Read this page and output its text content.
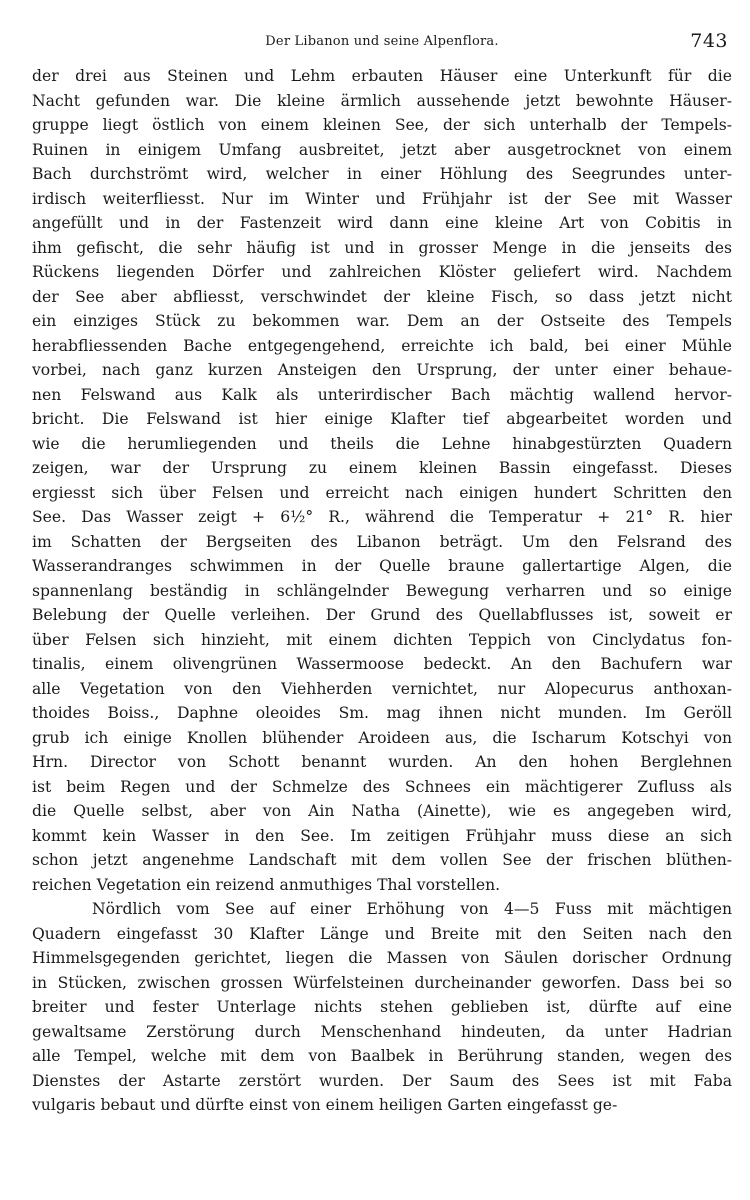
Der Libanon und seine Alpenflora.	743
der drei aus Steinen und Lehm erbauten Häuser eine Unterkunft für die
Nacht gefunden war. Die kleine ärmlich aussehende jetzt bewohnte Häuser-
gruppe liegt östlich von einem kleinen See, der sich unterhalb der Tempels-
Ruinen in einigem Umfang ausbreitet, jetzt aber ausgetrocknet von einem
Bach durchströmt wird, welcher in einer Höhlung des Seegrundes unter-
irdisch weiterfliesst. Nur im Winter und Frühjahr ist der See mit Wasser
angefüllt und in der Fastenzeit wird dann eine kleine Art von Cobitis in
ihm gefischt, die sehr häufig ist und in grosser Menge in die jenseits des
Rückens liegenden Dörfer und zahlreichen Klöster geliefert wird. Nachdem
der See aber abfliesst, verschwindet der kleine Fisch, so dass jetzt nicht
ein einziges Stück zu bekommen war. Dem an der Ostseite des Tempels
herabfliessenden Bache entgegengehend, erreichte ich bald, bei einer Mühle
vorbei, nach ganz kurzen Ansteigen den Ursprung, der unter einer behaue-
nen Felswand aus Kalk als unterirdischer Bach mächtig wallend hervor-
bricht. Die Felswand ist hier einige Klafter tief abgearbeitet worden und
wie die herumliegenden und theils die Lehne hinabgestürzten Quadern
zeigen, war der Ursprung zu einem kleinen Bassin eingefasst. Dieses
ergiesst sich über Felsen und erreicht nach einigen hundert Schritten den
See. Das Wasser zeigt + 6½° R., während die Temperatur + 21° R. hier
im Schatten der Bergseiten des Libanon beträgt. Um den Felsrand des
Wasserandranges schwimmen in der Quelle braune gallertartige Algen, die
spannenlang beständig in schlängelnder Bewegung verharren und so einige
Belebung der Quelle verleihen. Der Grund des Quellabflusses ist, soweit er
über Felsen sich hinzieht, mit einem dichten Teppich von Cinclydatus fon-
tinalis, einem olivengrünen Wassermoose bedeckt. An den Bachufern war
alle Vegetation von den Viehherden vernichtet, nur Alopecurus anthoxan-
thoides Boiss., Daphne oleoides Sm. mag ihnen nicht munden. Im Geröll
grub ich einige Knollen blühender Aroideen aus, die Ischarum Kotschyi von
Hrn. Director von Schott benannt wurden. An den hohen Berglehnen
ist beim Regen und der Schmelze des Schnees ein mächtigerer Zufluss als
die Quelle selbst, aber von Ain Natha (Ainette), wie es angegeben wird,
kommt kein Wasser in den See. Im zeitigen Frühjahr muss diese an sich
schon jetzt angenehme Landschaft mit dem vollen See der frischen blüthen-
reichen Vegetation ein reizend anmuthiges Thal vorstellen.
Nördlich vom See auf einer Erhöhung von 4—5 Fuss mit mächtigen
Quadern eingefasst 30 Klafter Länge und Breite mit den Seiten nach den
Himmelsgegenden gerichtet, liegen die Massen von Säulen dorischer Ordnung
in Stücken, zwischen grossen Würfelsteinen durcheinander geworfen. Dass bei so
breiter und fester Unterlage nichts stehen geblieben ist, dürfte auf eine
gewaltsame Zerstörung durch Menschenhand hindeuten, da unter Hadrian
alle Tempel, welche mit dem von Baalbek in Berührung standen, wegen des
Dienstes der Astarte zerstört wurden. Der Saum des Sees ist mit Faba
vulgaris bebaut und dürfte einst von einem heiligen Garten eingefasst ge-
